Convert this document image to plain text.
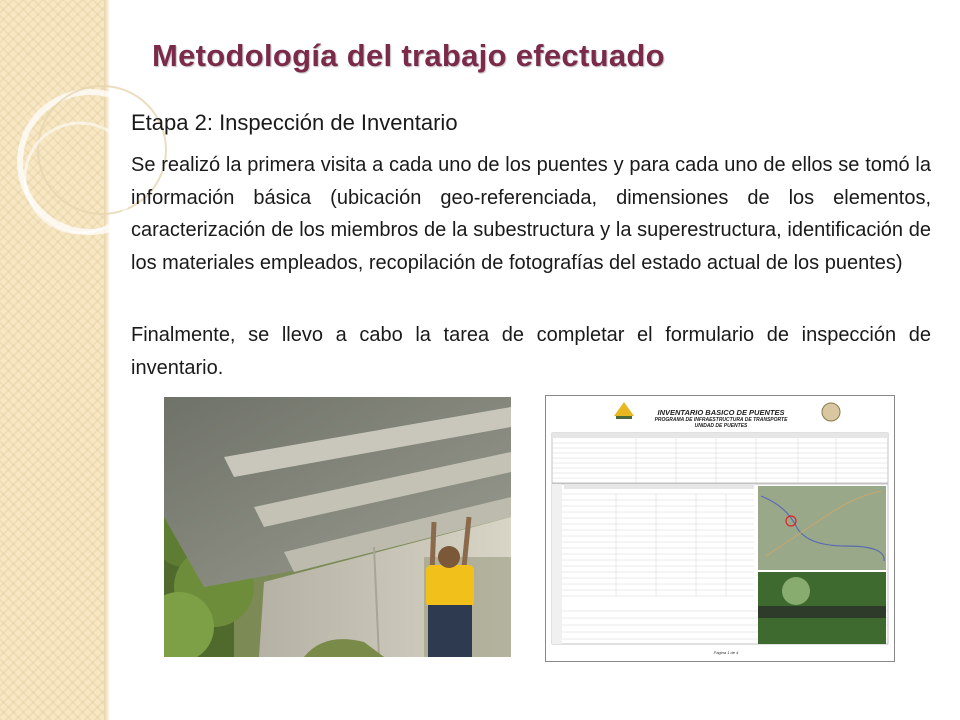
Metodología del trabajo efectuado
Etapa 2: Inspección de Inventario

Se realizó la primera visita a cada uno de los puentes y para cada uno de ellos se tomó la información básica (ubicación geo-referenciada, dimensiones de los elementos, caracterización de los miembros de la subestructura y la superestructura, identificación de los materiales empleados, recopilación de fotografías del estado actual de los puentes)

Finalmente, se llevo a cabo la tarea de completar el formulario de inspección de inventario.

INVENTARIO BASICO DE PUENTES
PROGRAMA DE INFRAESTRUCTURA DE TRANSPORTE
UNIDAD DE PUENTES
Página 1 de 4
